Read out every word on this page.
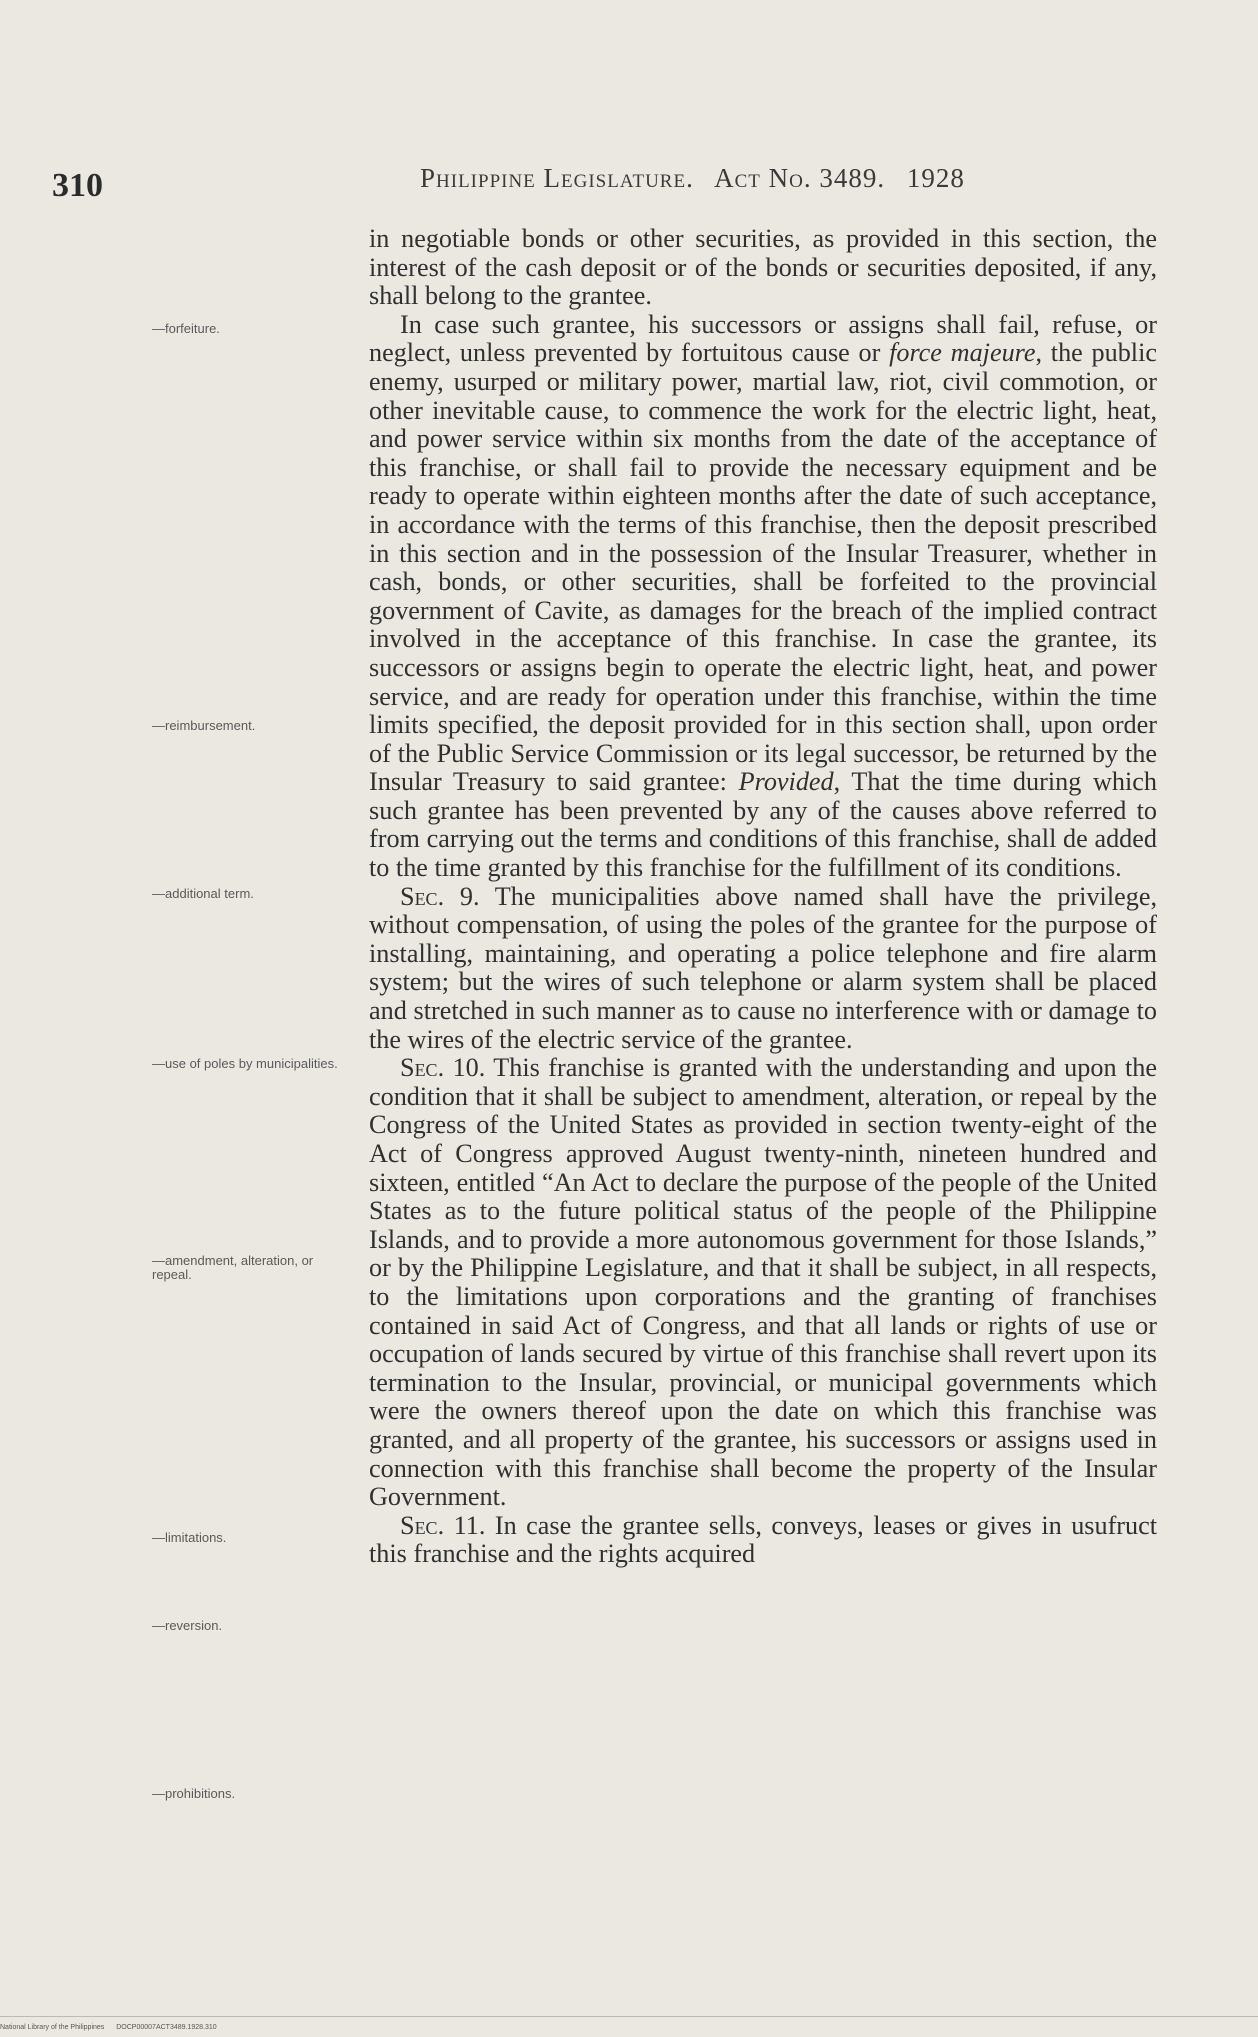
310	Philippine Legislature. Act No. 3489. 1928
—forfeiture.
—reimbursement.
—additional term.
—use of poles by municipalities.
—amendment, alteration, or repeal.
—limitations.
—reversion.
—prohibitions.

in negotiable bonds or other securities, as provided in this section, the interest of the cash deposit or of the bonds or securities deposited, if any, shall belong to the grantee.

In case such grantee, his successors or assigns shall fail, refuse, or neglect, unless prevented by fortuitous cause or force majeure, the public enemy, usurped or military power, martial law, riot, civil commotion, or other inevitable cause, to commence the work for the electric light, heat, and power service within six months from the date of the acceptance of this franchise, or shall fail to provide the necessary equipment and be ready to operate within eighteen months after the date of such acceptance, in accordance with the terms of this franchise, then the deposit prescribed in this section and in the possession of the Insular Treasurer, whether in cash, bonds, or other securities, shall be forfeited to the provincial government of Cavite, as damages for the breach of the implied contract involved in the acceptance of this franchise. In case the grantee, its successors or assigns begin to operate the electric light, heat, and power service, and are ready for operation under this franchise, within the time limits specified, the deposit provided for in this section shall, upon order of the Public Service Commission or its legal successor, be returned by the Insular Treasury to said grantee: Provided, That the time during which such grantee has been prevented by any of the causes above referred to from carrying out the terms and conditions of this franchise, shall de added to the time granted by this franchise for the fulfillment of its conditions.

Sec. 9. The municipalities above named shall have the privilege, without compensation, of using the poles of the grantee for the purpose of installing, maintaining, and operating a police telephone and fire alarm system; but the wires of such telephone or alarm system shall be placed and stretched in such manner as to cause no interference with or damage to the wires of the electric service of the grantee.

Sec. 10. This franchise is granted with the understanding and upon the condition that it shall be subject to amendment, alteration, or repeal by the Congress of the United States as provided in section twenty-eight of the Act of Congress approved August twenty-ninth, nineteen hundred and sixteen, entitled “An Act to declare the purpose of the people of the United States as to the future political status of the people of the Philippine Islands, and to provide a more autonomous government for those Islands,” or by the Philippine Legislature, and that it shall be subject, in all respects, to the limitations upon corporations and the granting of franchises contained in said Act of Congress, and that all lands or rights of use or occupation of lands secured by virtue of this franchise shall revert upon its termination to the Insular, provincial, or municipal governments which were the owners thereof upon the date on which this franchise was granted, and all property of the grantee, his successors or assigns used in connection with this franchise shall become the property of the Insular Government.

Sec. 11. In case the grantee sells, conveys, leases or gives in usufruct this franchise and the rights acquired

National Library of the Philippines DOCP00007ACT3489.1928.310
